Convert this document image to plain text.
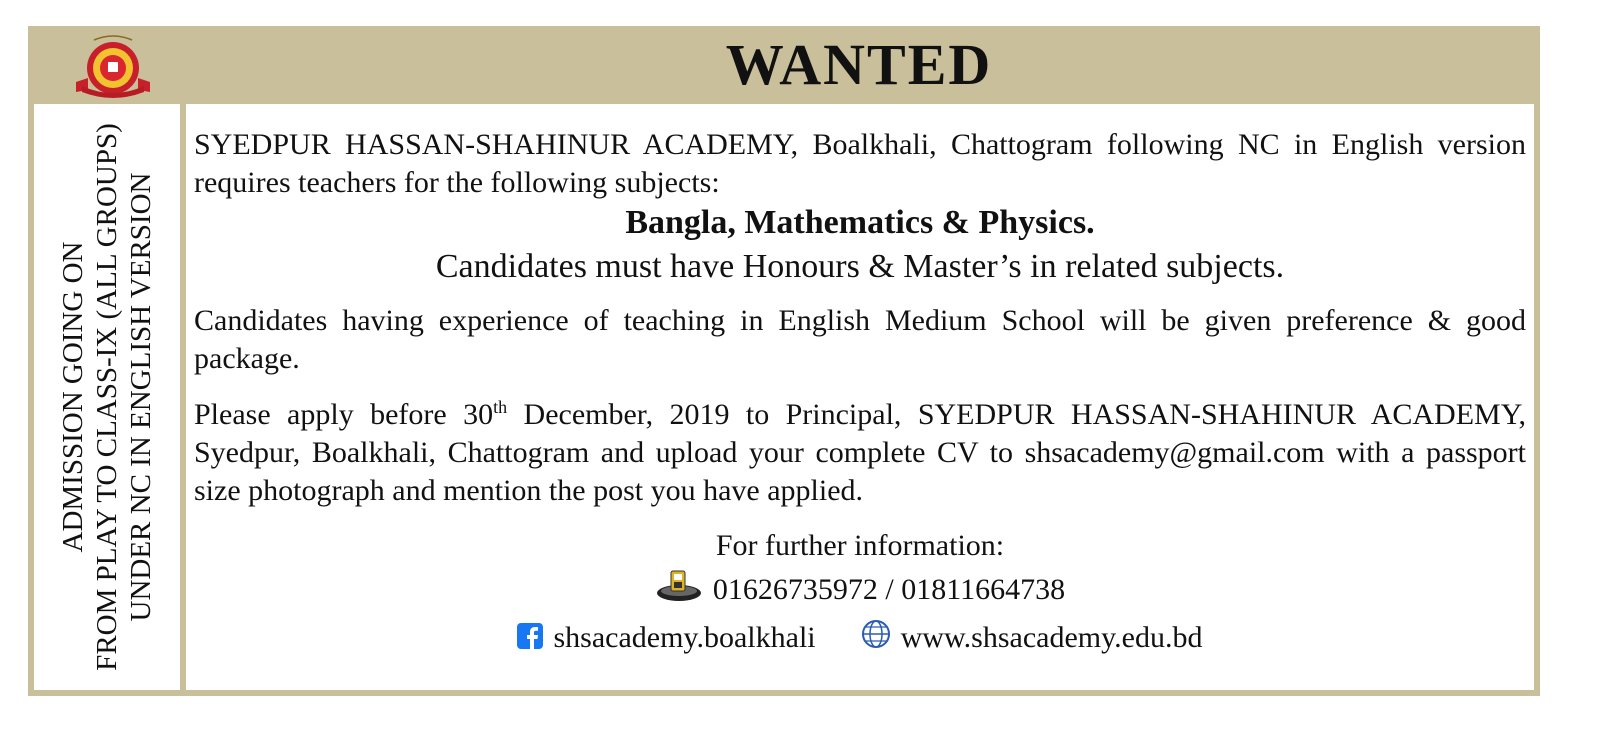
WANTED
ADMISSION GOING ON FROM PLAY TO CLASS-IX (ALL GROUPS) UNDER NC IN ENGLISH VERSION

SYEDPUR HASSAN-SHAHINUR ACADEMY, Boalkhali, Chattogram following NC in English version requires teachers for the following subjects:

Bangla, Mathematics & Physics.

Candidates must have Honours & Master’s in related subjects.

Candidates having experience of teaching in English Medium School will be given preference & good package.

Please apply before 30th December, 2019 to Principal, SYEDPUR HASSAN-SHAHINUR ACADEMY, Syedpur, Boalkhali, Chattogram and upload your complete CV to shsacademy@gmail.com with a passport size photograph and mention the post you have applied.

For further information:
01626735972 / 01811664738
shsacademy.boalkhali	www.shsacademy.edu.bd
